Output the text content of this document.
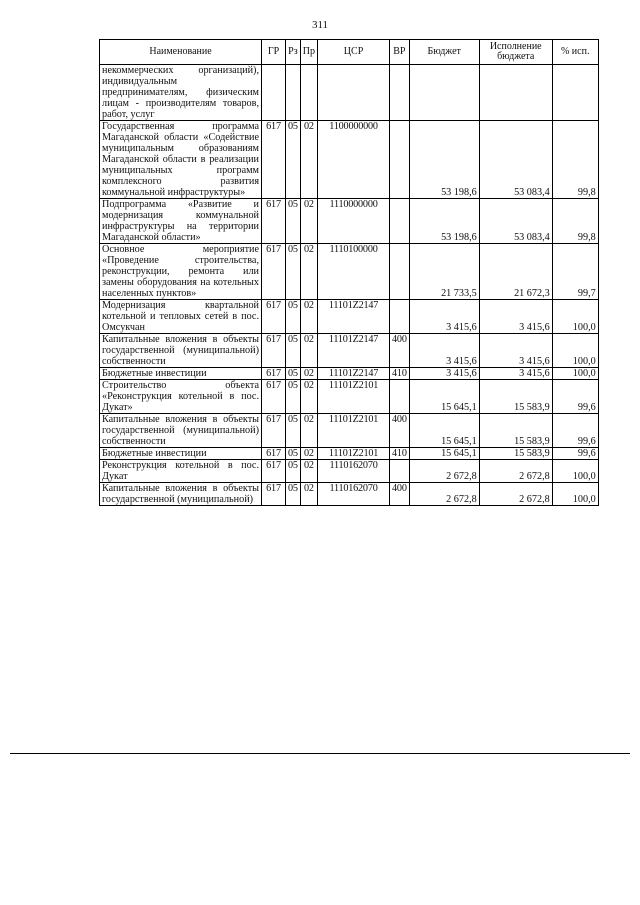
311
Наименование	ГР	Рз	Пр	ЦСР	ВР	Бюджет	Исполнение бюджета	% исп.
некоммерческих организаций), индивидуальным предпринимателям, физическим лицам - производителям товаров, работ, услуг								
Государственная программа Магаданской области «Содействие муниципальным образованиям Магаданской области в реализации муниципальных программ комплексного развития коммунальной инфраструктуры»	617	05	02	1100000000		53 198,6	53 083,4	99,8
Подпрограмма «Развитие и модернизация коммунальной инфраструктуры на территории Магаданской области»	617	05	02	1110000000		53 198,6	53 083,4	99,8
Основное мероприятие «Проведение строительства, реконструкции, ремонта или замены оборудования на котельных населенных пунктов»	617	05	02	1110100000		21 733,5	21 672,3	99,7
Модернизация квартальной котельной и тепловых сетей в пос. Омсукчан	617	05	02	11101Z2147		3 415,6	3 415,6	100,0
Капитальные вложения в объекты государственной (муниципальной) собственности	617	05	02	11101Z2147	400	3 415,6	3 415,6	100,0
Бюджетные инвестиции	617	05	02	11101Z2147	410	3 415,6	3 415,6	100,0
Строительство объекта «Реконструкция котельной в пос. Дукат»	617	05	02	11101Z2101		15 645,1	15 583,9	99,6
Капитальные вложения в объекты государственной (муниципальной) собственности	617	05	02	11101Z2101	400	15 645,1	15 583,9	99,6
Бюджетные инвестиции	617	05	02	11101Z2101	410	15 645,1	15 583,9	99,6
Реконструкция котельной в пос. Дукат	617	05	02	1110162070		2 672,8	2 672,8	100,0
Капитальные вложения в объекты государственной (муниципальной)	617	05	02	1110162070	400	2 672,8	2 672,8	100,0
